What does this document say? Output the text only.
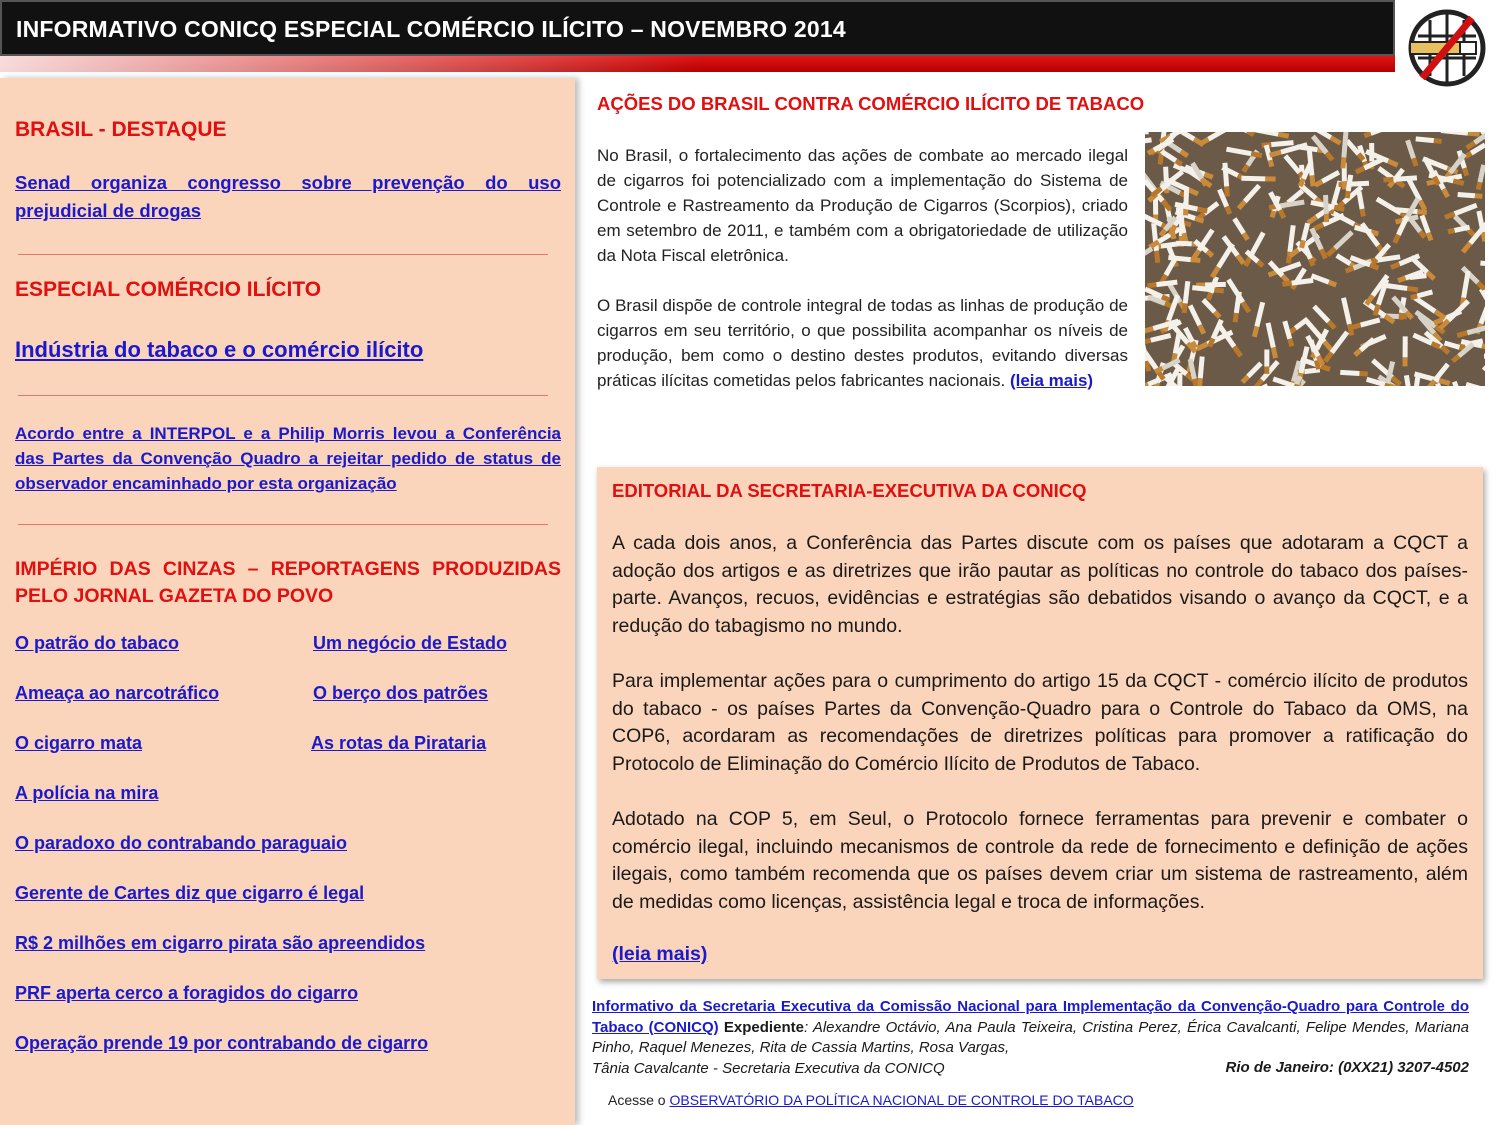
INFORMATIVO CONICQ ESPECIAL COMÉRCIO ILÍCITO – NOVEMBRO 2014
BRASIL - DESTAQUE
Senad organiza congresso sobre prevenção do uso
prejudicial de drogas
ESPECIAL COMÉRCIO ILÍCITO
Indústria do tabaco e o comércio ilícito
Acordo entre a INTERPOL e a Philip Morris levou a Conferência
das Partes da Convenção Quadro a rejeitar pedido de status de
observador encaminhado por esta organização
IMPÉRIO DAS CINZAS – REPORTAGENS PRODUZIDAS
PELO JORNAL GAZETA DO POVO
O patrão do tabaco	Um negócio de Estado
Ameaça ao narcotráfico	O berço dos patrões
O cigarro mata	As rotas da Pirataria
A polícia na mira
O paradoxo do contrabando paraguaio
Gerente de Cartes diz que cigarro é legal
R$ 2 milhões em cigarro pirata são apreendidos
PRF aperta cerco a foragidos do cigarro
Operação prende 19 por contrabando de cigarro
AÇÕES DO BRASIL CONTRA COMÉRCIO ILÍCITO DE TABACO

No Brasil, o fortalecimento das ações de combate ao mercado ilegal de cigarros foi potencializado com a implementação do Sistema de Controle e Rastreamento da Produção de Cigarros (Scorpios), criado em setembro de 2011, e também com a obrigatoriedade de utilização da Nota Fiscal eletrônica.

O Brasil dispõe de controle integral de todas as linhas de produção de cigarros em seu território, o que possibilita acompanhar os níveis de produção, bem como o destino destes produtos, evitando diversas práticas ilícitas cometidas pelos fabricantes nacionais. (leia mais)

EDITORIAL DA SECRETARIA-EXECUTIVA DA CONICQ

A cada dois anos, a Conferência das Partes discute com os países que adotaram a CQCT a adoção dos artigos e as diretrizes que irão pautar as políticas no controle do tabaco dos países-parte. Avanços, recuos, evidências e estratégias são debatidos visando o avanço da CQCT, e a redução do tabagismo no mundo.

Para implementar ações para o cumprimento do artigo 15 da CQCT - comércio ilícito de produtos do tabaco - os países Partes da Convenção-Quadro para o Controle do Tabaco da OMS, na COP6, acordaram as recomendações de diretrizes políticas para promover a ratificação do Protocolo de Eliminação do Comércio Ilícito de Produtos de Tabaco.

Adotado na COP 5, em Seul, o Protocolo fornece ferramentas para prevenir e combater o comércio ilegal, incluindo mecanismos de controle da rede de fornecimento e definição de ações ilegais, como também recomenda que os países devem criar um sistema de rastreamento, além de medidas como licenças, assistência legal e troca de informações.

(leia mais)
Informativo da Secretaria Executiva da Comissão Nacional para Implementação da Convenção-Quadro para Controle do Tabaco (CONICQ) Expediente: Alexandre Octávio, Ana Paula Teixeira, Cristina Perez, Érica Cavalcanti, Felipe Mendes, Mariana Pinho, Raquel Menezes, Rita de Cassia Martins, Rosa Vargas,
Tânia Cavalcante - Secretaria Executiva da CONICQ	Rio de Janeiro: (0XX21) 3207-4502
Acesse o OBSERVATÓRIO DA POLÍTICA NACIONAL DE CONTROLE DO TABACO
